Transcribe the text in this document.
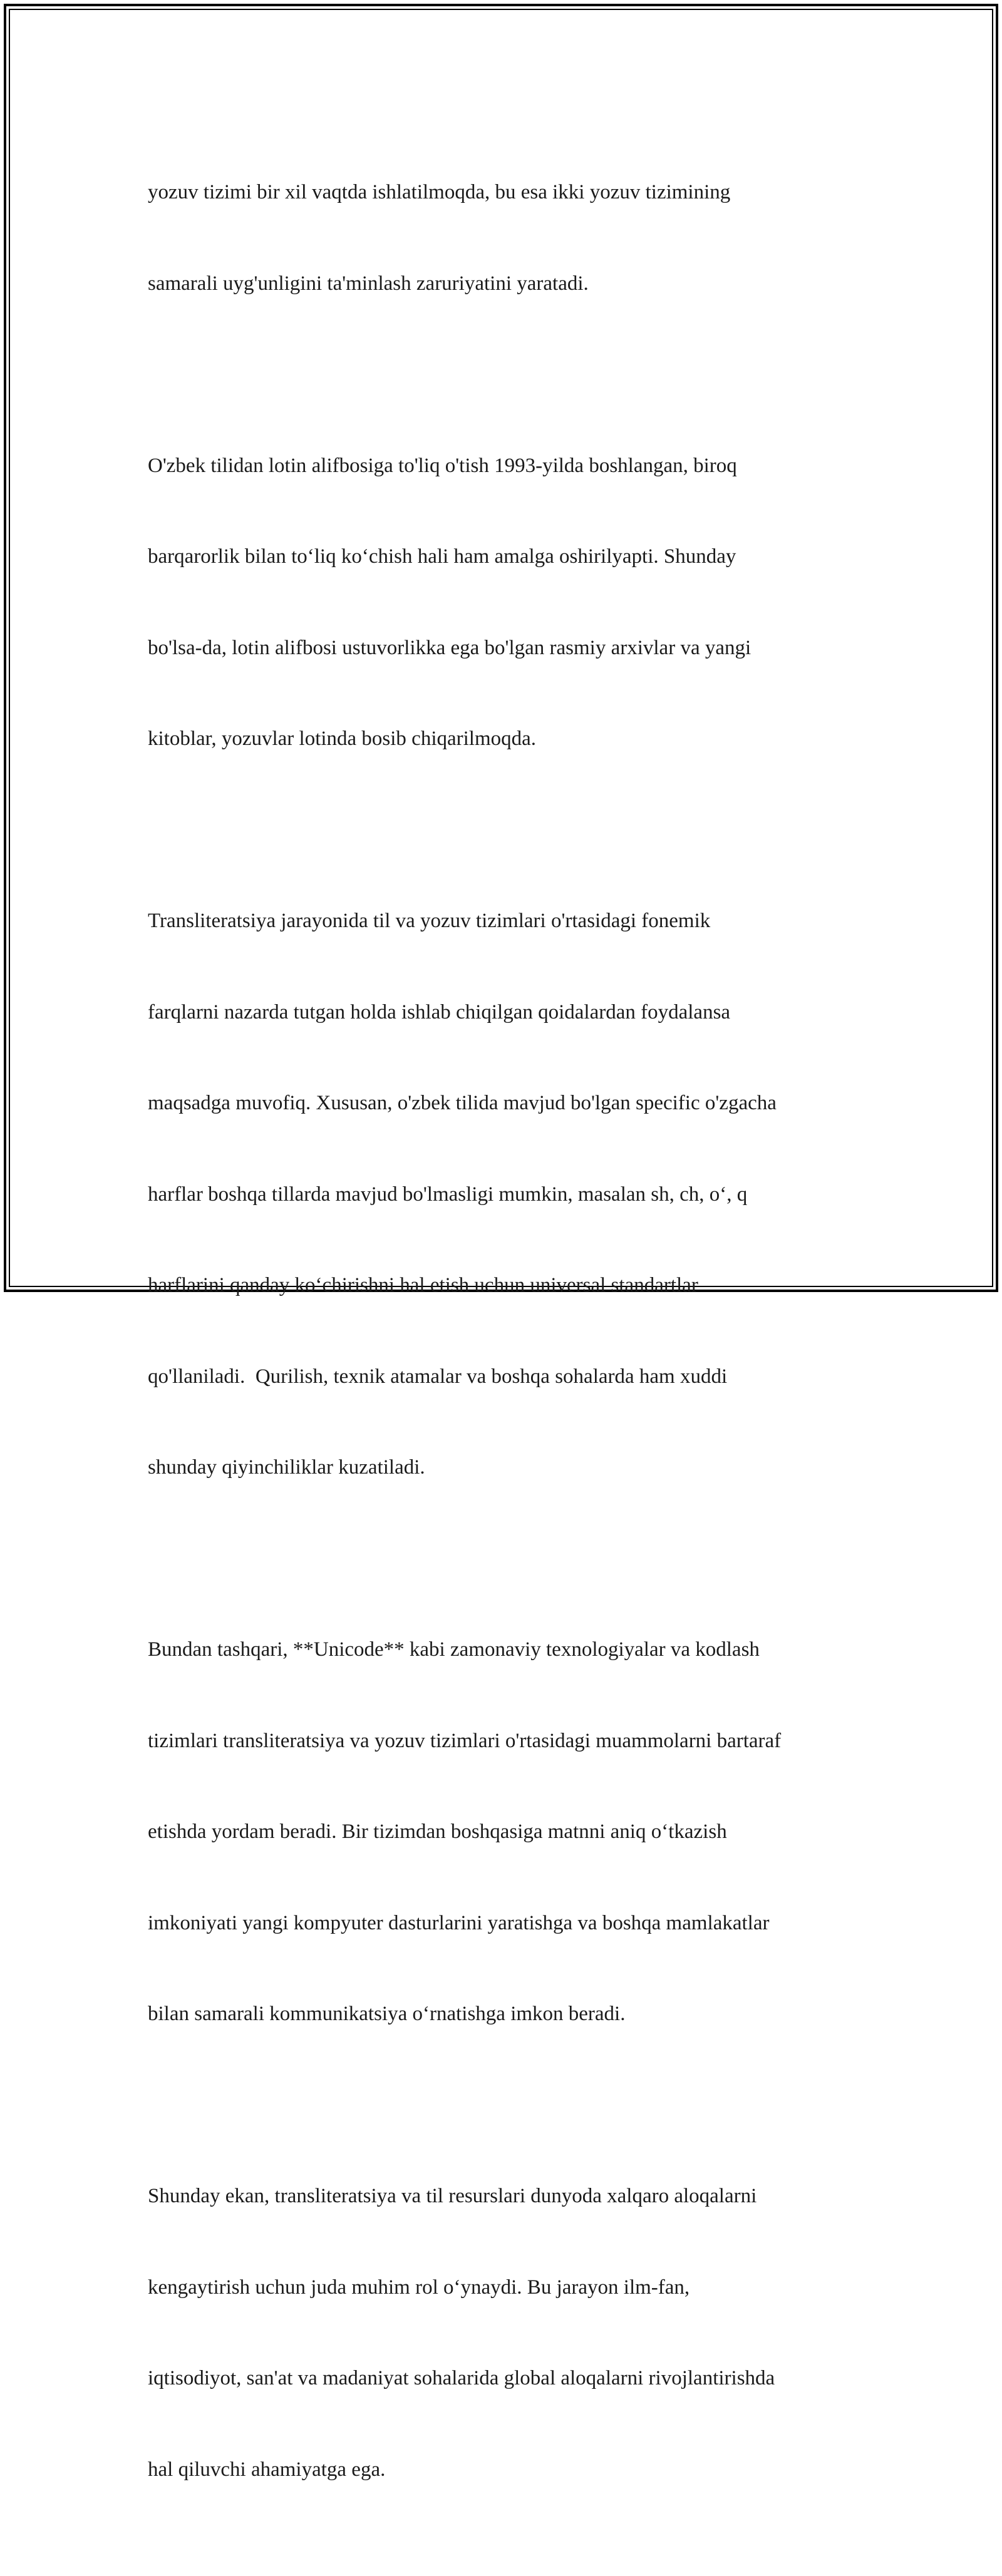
yozuv tizimi bir xil vaqtda ishlatilmoqda, bu esa ikki yozuv tizimining

samarali uyg'unligini ta'minlash zaruriyatini yaratadi.

O'zbek tilidan lotin alifbosiga to'liq o'tish 1993-yilda boshlangan, biroq

barqarorlik bilan to‘liq ko‘chish hali ham amalga oshirilyapti. Shunday

bo'lsa-da, lotin alifbosi ustuvorlikka ega bo'lgan rasmiy arxivlar va yangi

kitoblar, yozuvlar lotinda bosib chiqarilmoqda.

Transliteratsiya jarayonida til va yozuv tizimlari o'rtasidagi fonemik

farqlarni nazarda tutgan holda ishlab chiqilgan qoidalardan foydalansa

maqsadga muvofiq. Xususan, o'zbek tilida mavjud bo'lgan specific o'zgacha

harflar boshqa tillarda mavjud bo'lmasligi mumkin, masalan sh, ch, o‘, q

harflarini qanday ko‘chirishni hal etish uchun universal standartlar

qo'llaniladi.  Qurilish, texnik atamalar va boshqa sohalarda ham xuddi

shunday qiyinchiliklar kuzatiladi.

Bundan tashqari, **Unicode** kabi zamonaviy texnologiyalar va kodlash

tizimlari transliteratsiya va yozuv tizimlari o'rtasidagi muammolarni bartaraf

etishda yordam beradi. Bir tizimdan boshqasiga matnni aniq o‘tkazish

imkoniyati yangi kompyuter dasturlarini yaratishga va boshqa mamlakatlar

bilan samarali kommunikatsiya o‘rnatishga imkon beradi.

Shunday ekan, transliteratsiya va til resurslari dunyoda xalqaro aloqalarni

kengaytirish uchun juda muhim rol o‘ynaydi. Bu jarayon ilm-fan,

iqtisodiyot, san'at va madaniyat sohalarida global aloqalarni rivojlantirishda

hal qiluvchi ahamiyatga ega.
